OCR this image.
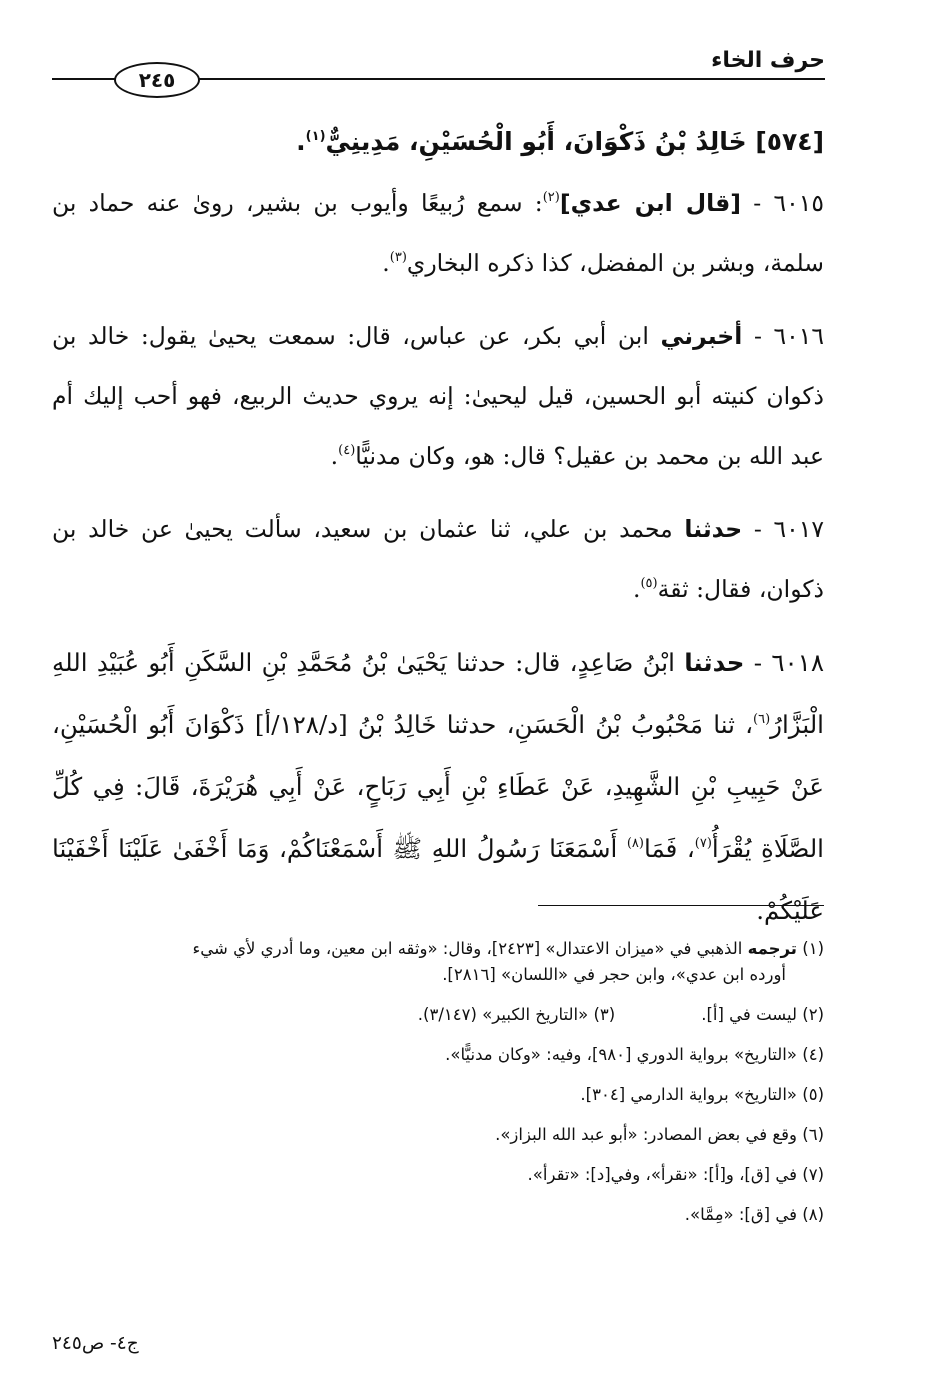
حرف الخاء
٢٤٥
[٥٧٤] خَالِدُ بْنُ ذَكْوَانَ، أَبُو الْحُسَيْنِ، مَدِينِيٌّ$^{(١)}$.

٦٠١٥ - [قال ابن عدي]$^{(٢)}$: سمع رُبيعًا وأيوب بن بشير، روىٰ عنه حماد بن سلمة، وبشر بن المفضل، كذا ذكره البخاري$^{(٣)}$.

٦٠١٦ - أخبرني ابن أبي بكر، عن عباس، قال: سمعت يحيىٰ يقول: خالد بن ذكوان كنيته أبو الحسين، قيل ليحيىٰ: إنه يروي حديث الربيع، فهو أحب إليك أم عبد الله بن محمد بن عقيل؟ قال: هو، وكان مدنيًّا$^{(٤)}$.

٦٠١٧ - حدثنا محمد بن علي، ثنا عثمان بن سعيد، سألت يحيىٰ عن خالد بن ذكوان، فقال: ثقة$^{(٥)}$.

٦٠١٨ - حدثنا ابْنُ صَاعِدٍ، قال: حدثنا يَحْيَىٰ بْنُ مُحَمَّدِ بْنِ السَّكَنِ أَبُو عُبَيْدِ اللهِ الْبَزَّارُ$^{(٦)}$، ثنا مَحْبُوبُ بْنُ الْحَسَنِ، حدثنا خَالِدُ بْنُ [د/١٢٨/أ] ذَكْوَانَ أَبُو الْحُسَيْنِ، عَنْ حَبِيبِ بْنِ الشَّهِيدِ، عَنْ عَطَاءِ بْنِ أَبِي رَبَاحٍ، عَنْ أَبِي هُرَيْرَةَ، قَالَ: فِي كُلِّ الصَّلَاةِ يُقْرَأُ$^{(٧)}$، فَمَا$^{(٨)}$ أَسْمَعَنَا رَسُولُ اللهِ ﷺ أَسْمَعْنَاكُمْ، وَمَا أَخْفَىٰ عَلَيْنَا أَخْفَيْنَا عَلَيْكُمْ.

(١) ترجمه الذهبي في «ميزان الاعتدال» [٢٤٢٣]، وقال: «وثقه ابن معين، وما أدري لأي شيء
أورده ابن عدي»، وابن حجر في «اللسان» [٢٨١٦].
(٢) ليست في [أ].
(٣) «التاريخ الكبير» (٣/١٤٧).
(٤) «التاريخ» برواية الدوري [٩٨٠]، وفيه: «وكان مدنيًّا».
(٥) «التاريخ» برواية الدارمي [٣٠٤].
(٦) وقع في بعض المصادر: «أبو عبد الله البزاز».
(٧) في [ق]، و[أ]: «نقرأ»، وفي[د]: «تقرأ».
(٨) في [ق]: «مِمَّا».
ج٤- ص٢٤٥
